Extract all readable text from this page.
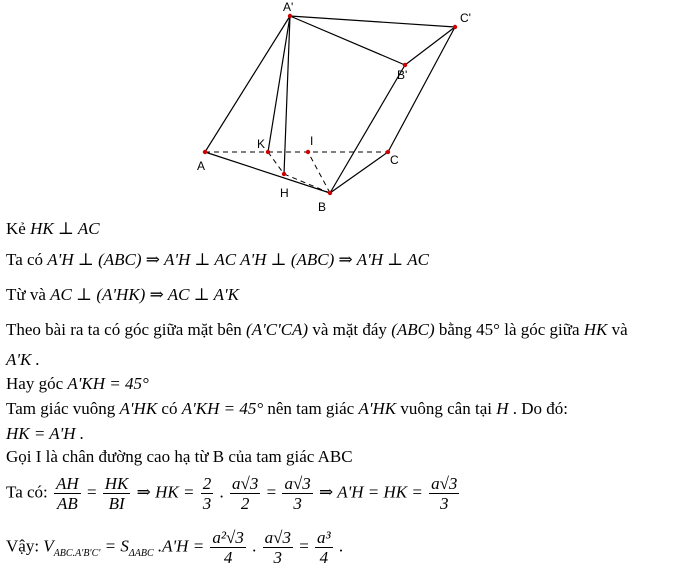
A'
C'
B'
K	I
A	C
H
B
Kẻ HK ⊥ AC
Ta có A'H ⊥ (ABC) ⇒ A'H ⊥ AC A'H ⊥ (ABC) ⇒ A'H ⊥ AC
Từ và AC ⊥ (A'HK) ⇒ AC ⊥ A'K
Theo bài ra ta có góc giữa mặt bên (A'C'CA) và mặt đáy (ABC) bằng 45° là góc giữa HK và
A'K .
Hay góc A'KH = 45°
Tam giác vuông A'HK có A'KH = 45° nên tam giác A'HK vuông cân tại H . Do đó:
HK = A'H .
Gọi I là chân đường cao hạ từ B của tam giác ABC
Ta có: $\frac{AH}{AB} = \frac{HK}{BI}$ ⇒ HK = $\frac{2}{3}$ . $\frac{a√3}{2} = \frac{a√3}{3}$ ⇒ A'H = HK = $\frac{a√3}{3}$
Vậy: $V_{ABC.A'B'C'} = S_{\Delta ABC}$ $.A'H = \frac{\text{a²√3}}{4}$ . $\frac{a√3}{3} = \frac{\text{a³}}{4}$ .
